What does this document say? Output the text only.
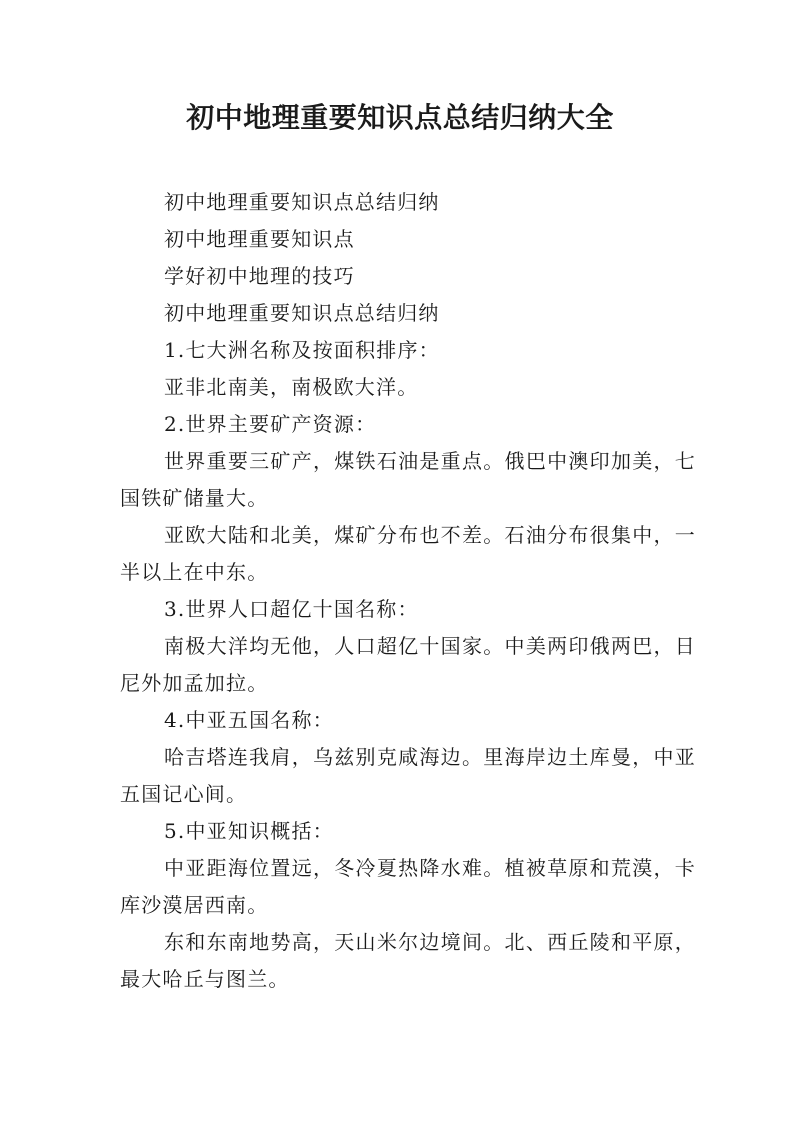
初中地理重要知识点总结归纳大全

初中地理重要知识点总结归纳

初中地理重要知识点

学好初中地理的技巧

初中地理重要知识点总结归纳

1.七大洲名称及按面积排序：

亚非北南美，南极欧大洋。

2.世界主要矿产资源：

世界重要三矿产，煤铁石油是重点。俄巴中澳印加美，七国铁矿储量大。

亚欧大陆和北美，煤矿分布也不差。石油分布很集中，一半以上在中东。

3.世界人口超亿十国名称：

南极大洋均无他，人口超亿十国家。中美两印俄两巴，日尼外加孟加拉。

4.中亚五国名称：

哈吉塔连我肩，乌兹别克咸海边。里海岸边土库曼，中亚五国记心间。

5.中亚知识概括：

中亚距海位置远，冬冷夏热降水难。植被草原和荒漠，卡库沙漠居西南。

东和东南地势高，天山米尔边境间。北、西丘陵和平原，最大哈丘与图兰。
